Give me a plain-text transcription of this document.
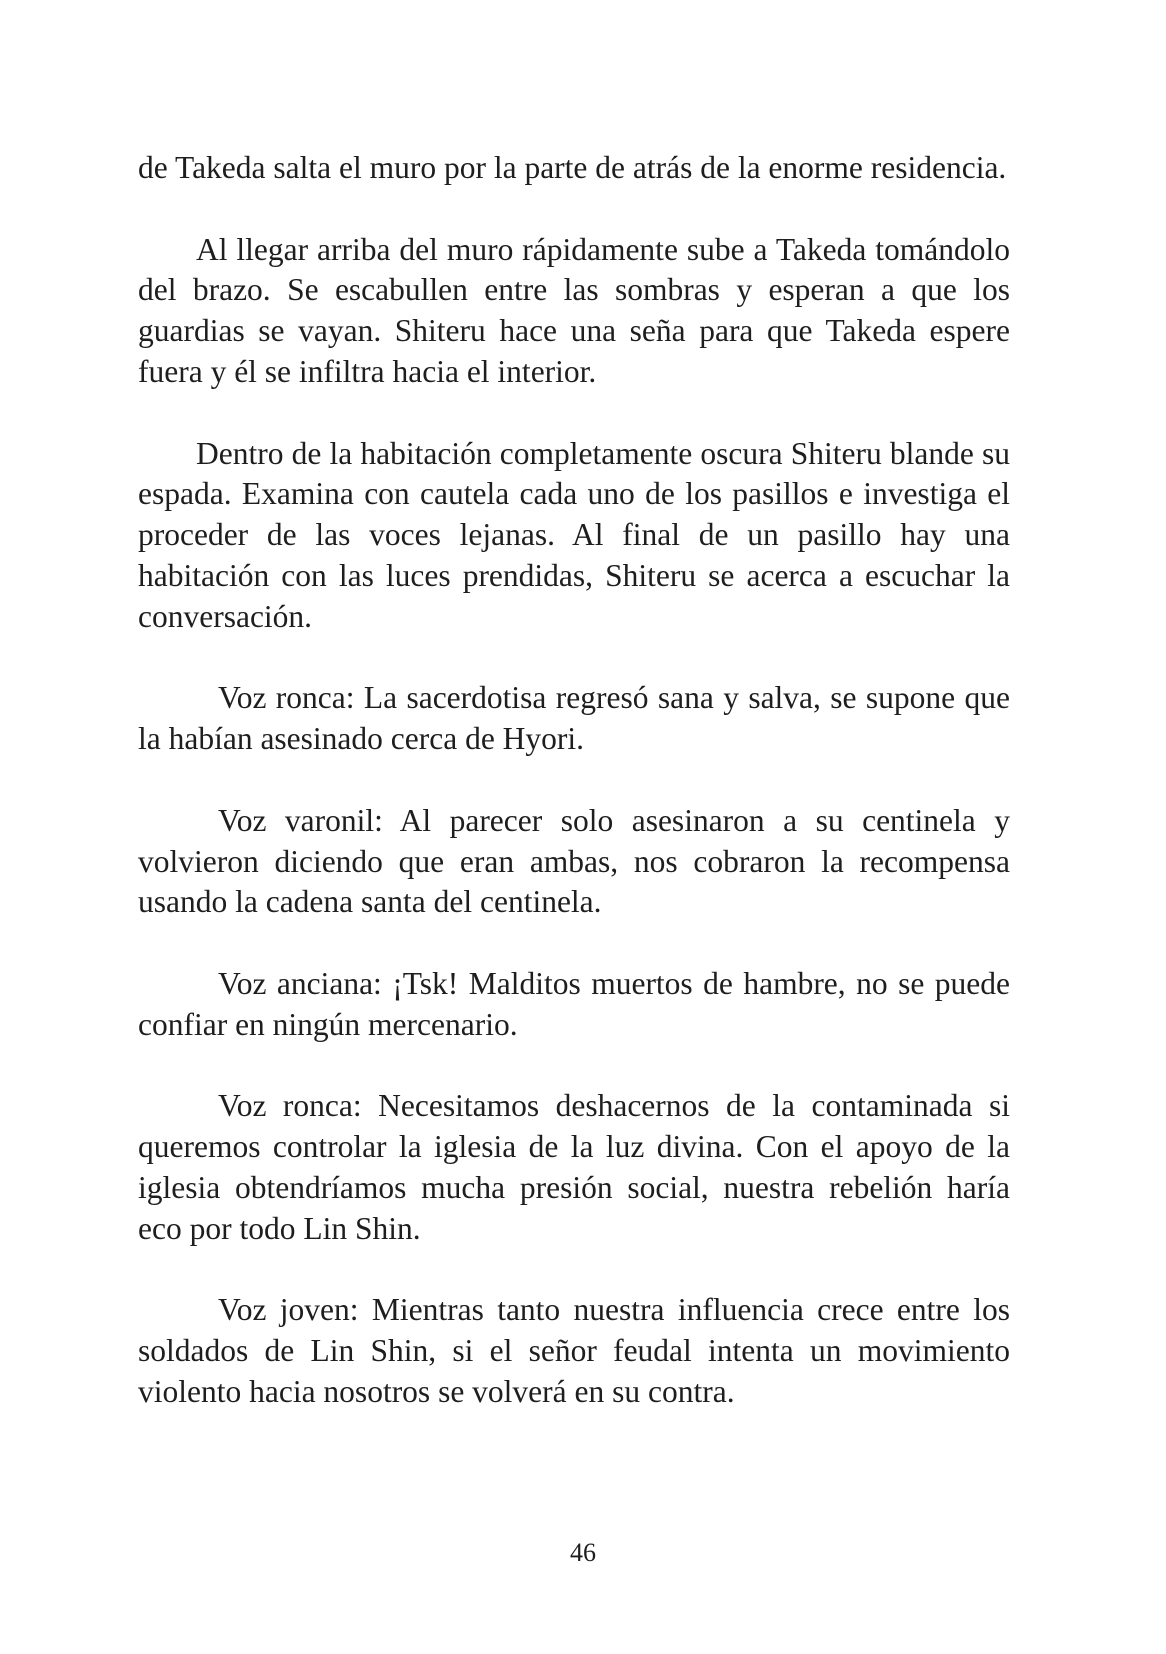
de Takeda salta el muro por la parte de atrás de la enorme residencia.

Al llegar arriba del muro rápidamente sube a Takeda tomándolo del brazo. Se escabullen entre las sombras y esperan a que los guardias se vayan. Shiteru hace una seña para que Takeda espere fuera y él se infiltra hacia el interior.

Dentro de la habitación completamente oscura Shiteru blande su espada. Examina con cautela cada uno de los pasillos e investiga el proceder de las voces lejanas. Al final de un pasillo hay una habitación con las luces prendidas, Shiteru se acerca a escuchar la conversación.

Voz ronca: La sacerdotisa regresó sana y salva, se supone que la habían asesinado cerca de Hyori.

Voz varonil: Al parecer solo asesinaron a su centinela y volvieron diciendo que eran ambas, nos cobraron la recompensa usando la cadena santa del centinela.

Voz anciana: ¡Tsk! Malditos muertos de hambre, no se puede confiar en ningún mercenario.

Voz ronca: Necesitamos deshacernos de la contaminada si queremos controlar la iglesia de la luz divina. Con el apoyo de la iglesia obtendríamos mucha presión social, nuestra rebelión haría eco por todo Lin Shin.

Voz joven: Mientras tanto nuestra influencia crece entre los soldados de Lin Shin, si el señor feudal intenta un movimiento violento hacia nosotros se volverá en su contra.

46
